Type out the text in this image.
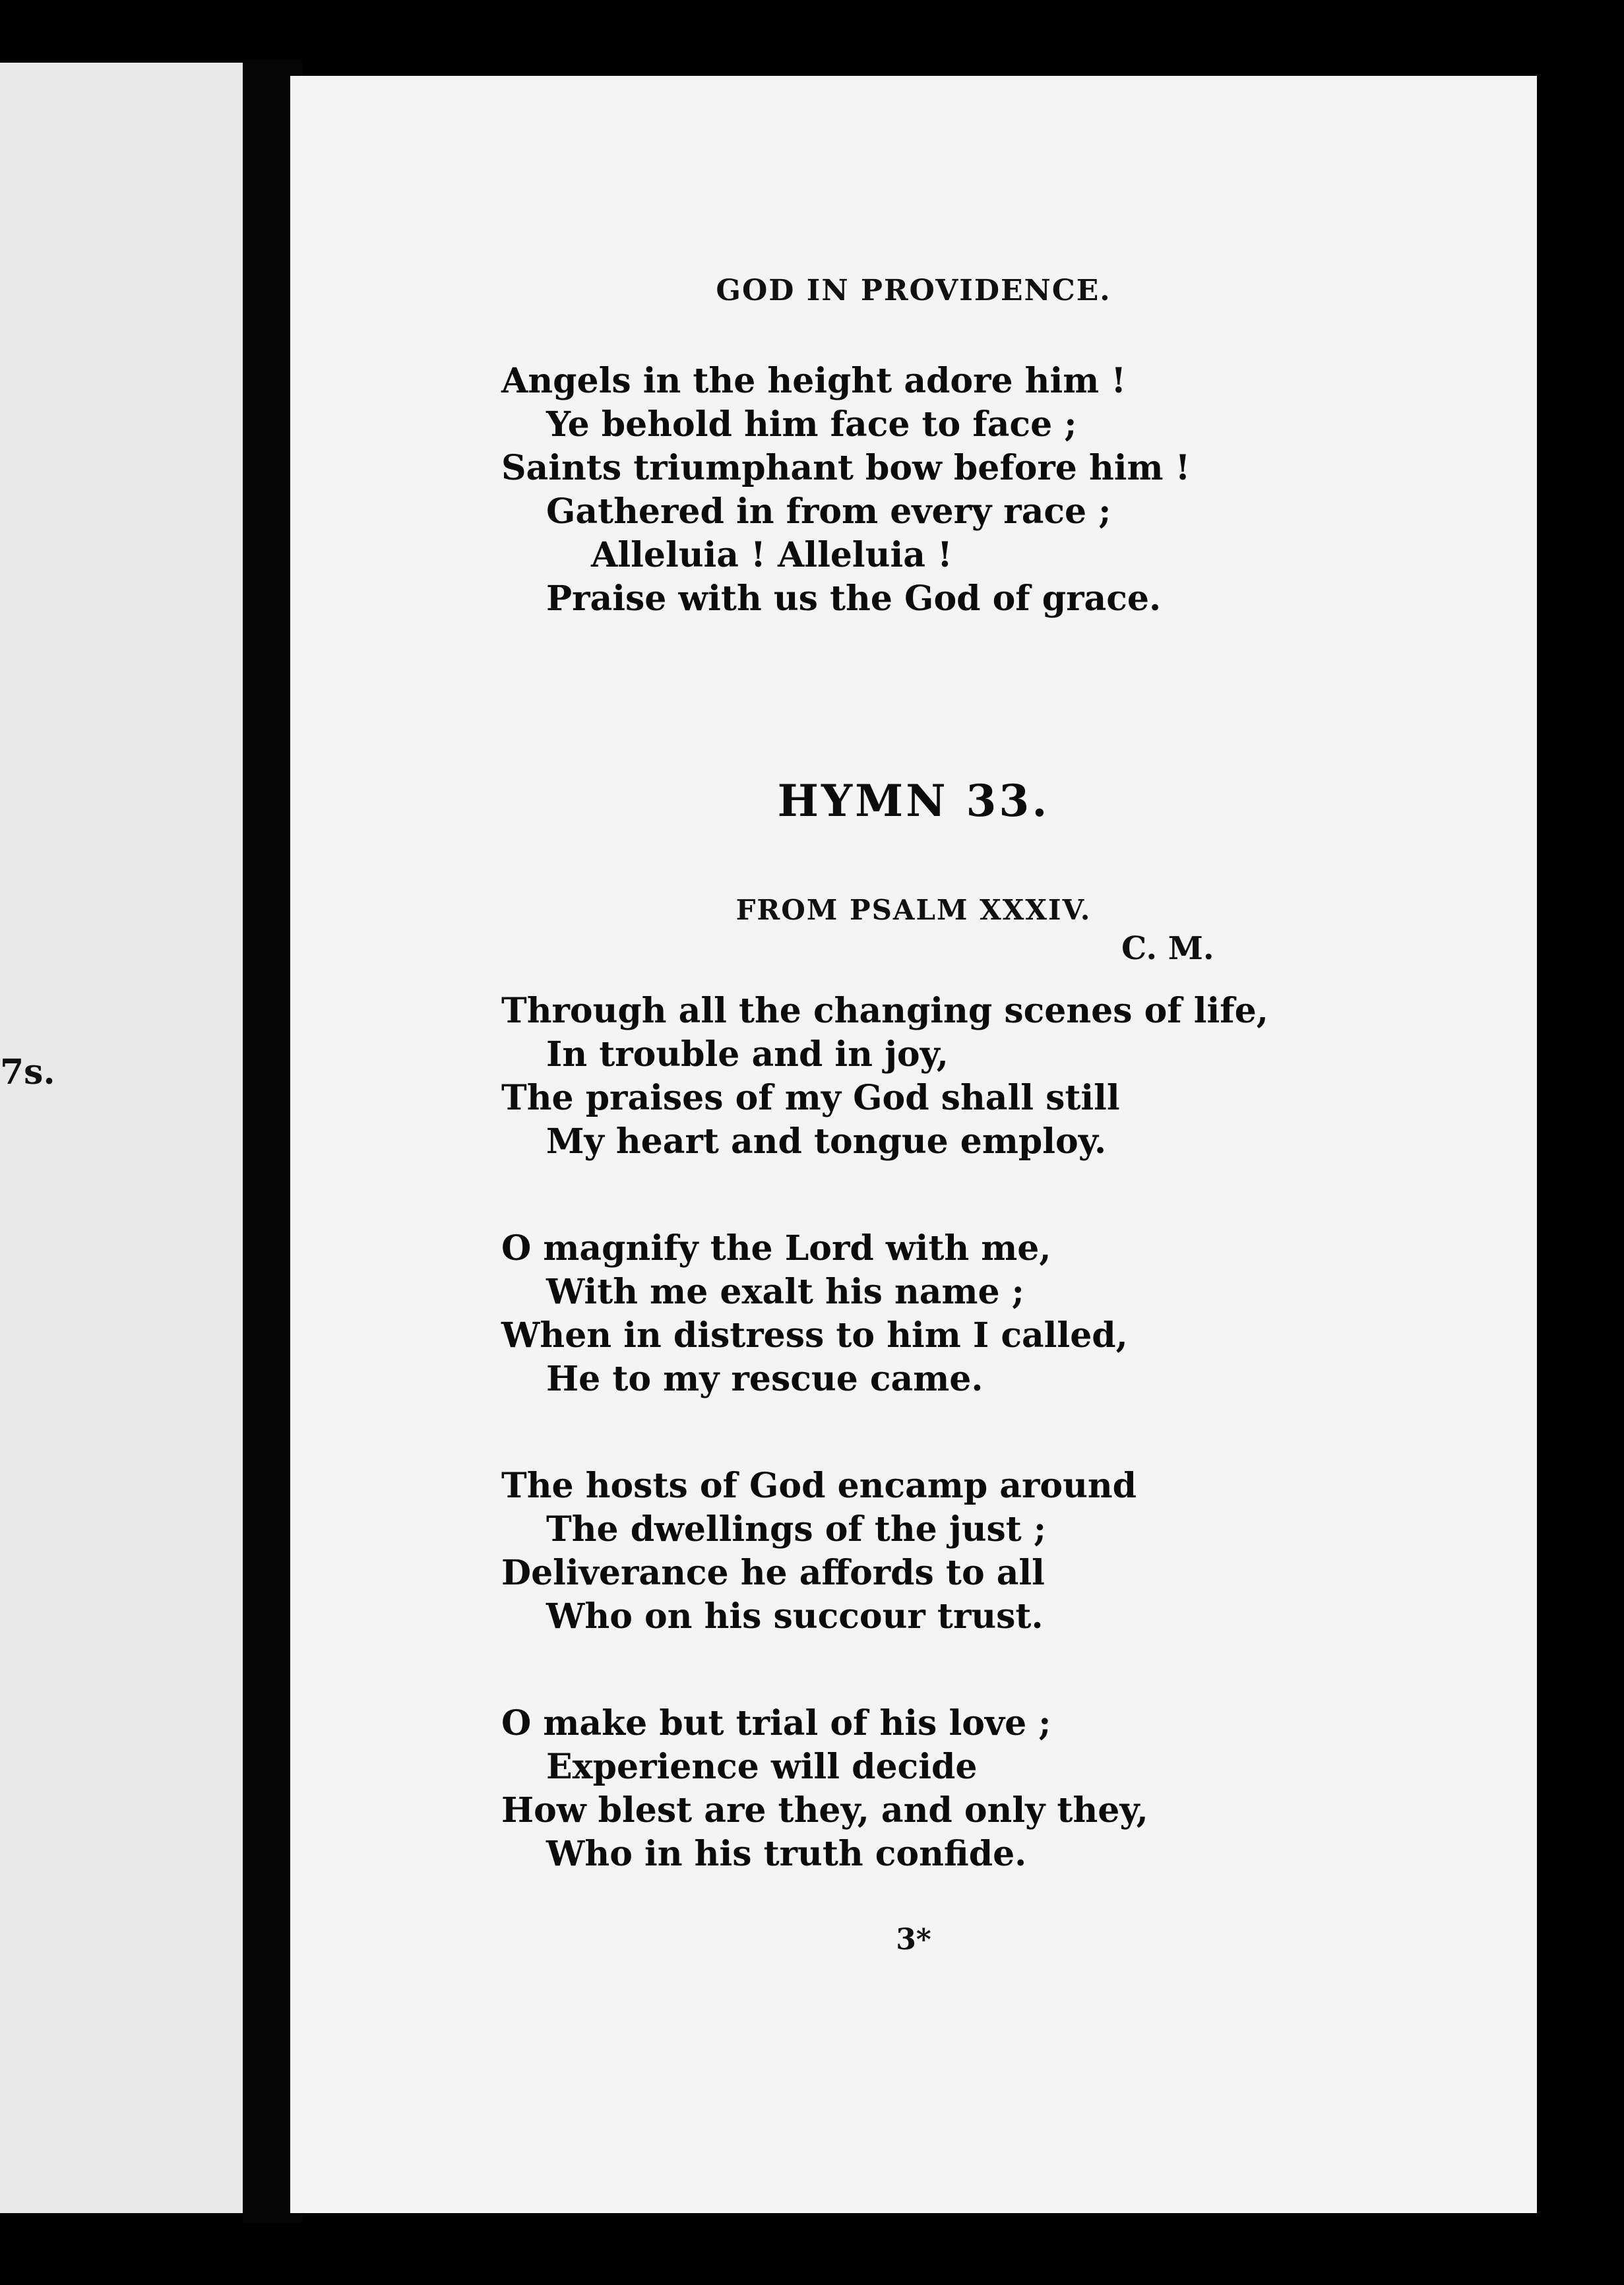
7s.
GOD IN PROVIDENCE.
Angels in the height adore him !
Ye behold him face to face ;
Saints triumphant bow before him !
Gathered in from every race ;
Alleluia ! Alleluia !
Praise with us the God of grace.
HYMN 33.
FROM PSALM XXXIV.
C. M.
Through all the changing scenes of life,
In trouble and in joy,
The praises of my God shall still
My heart and tongue employ.
O magnify the Lord with me,
With me exalt his name ;
When in distress to him I called,
He to my rescue came.
The hosts of God encamp around
The dwellings of the just ;
Deliverance he affords to all
Who on his succour trust.
O make but trial of his love ;
Experience will decide
How blest are they, and only they,
Who in his truth confide.
3*
